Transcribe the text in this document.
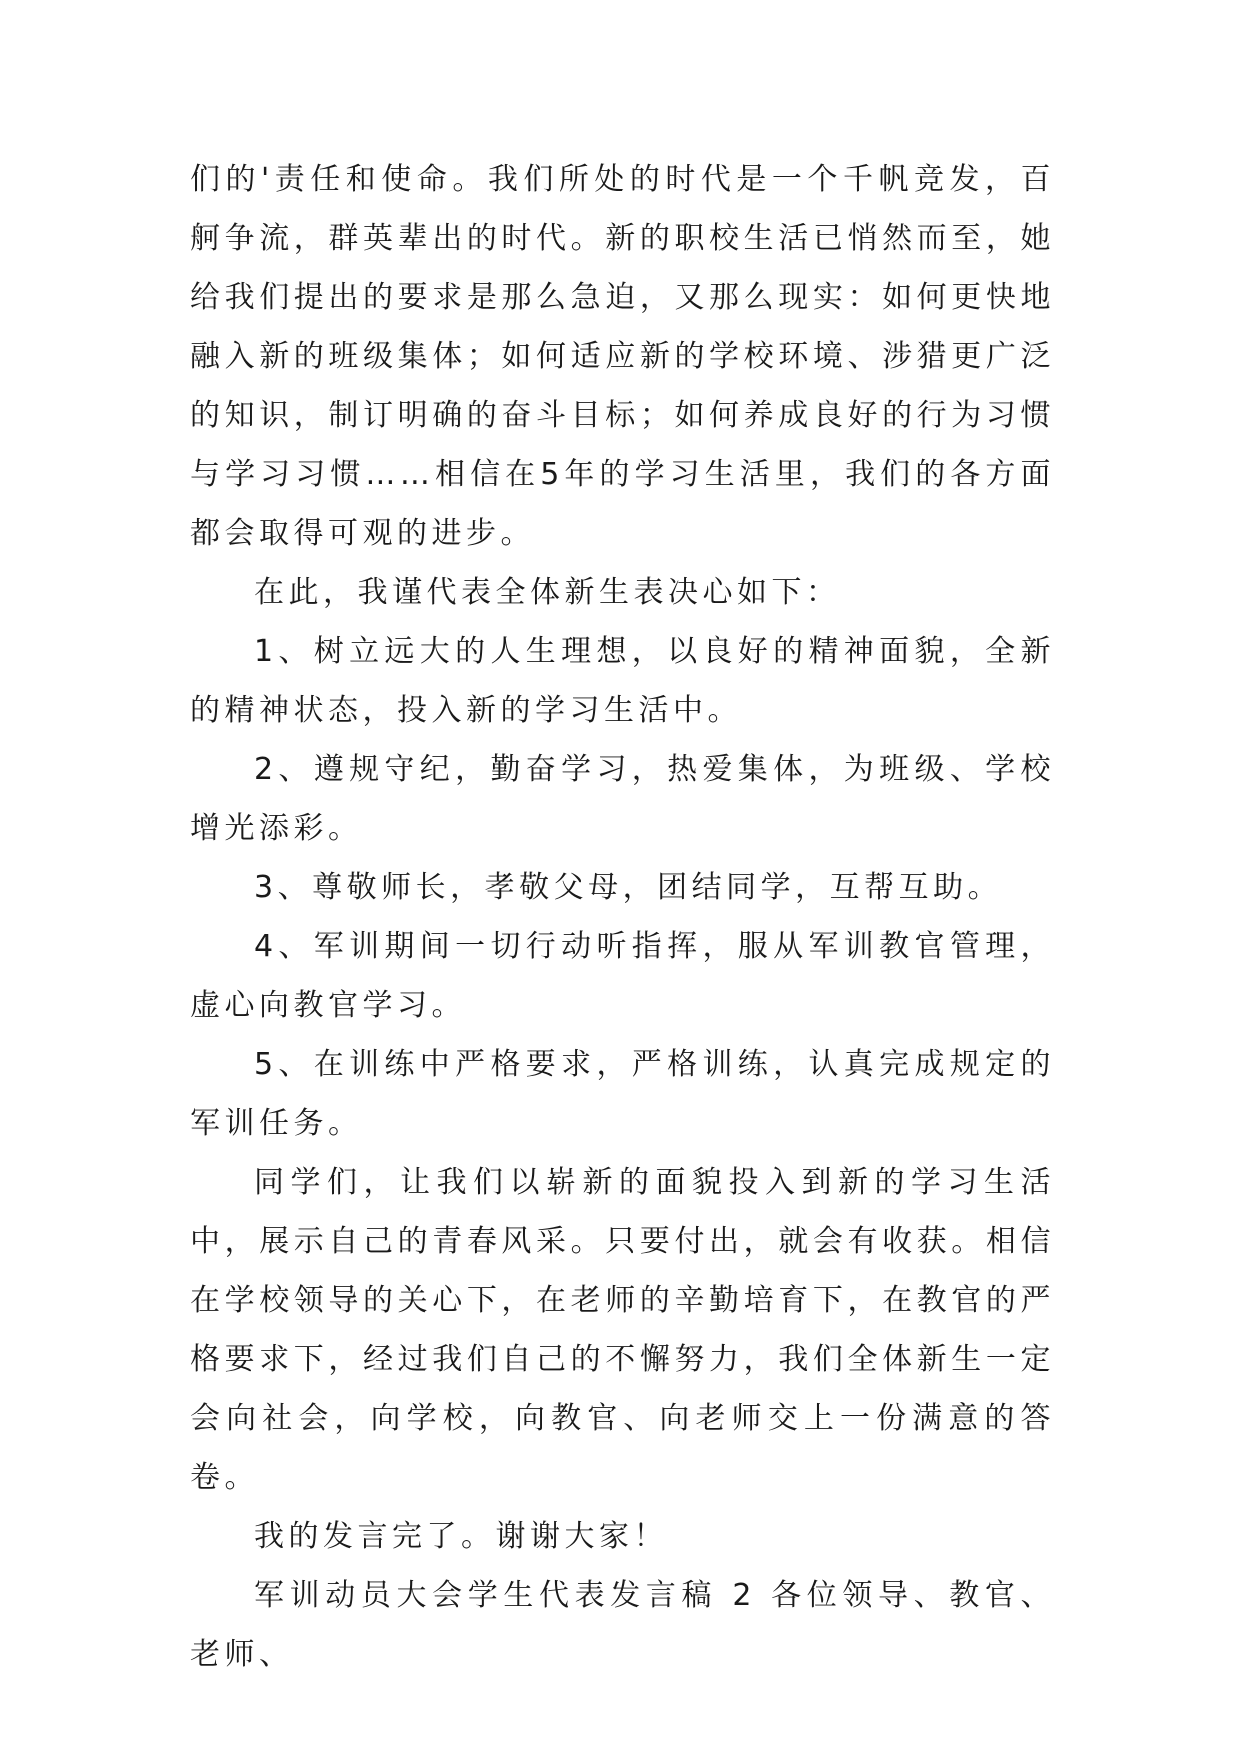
们的'责任和使命。我们所处的时代是一个千帆竞发，百舸争流，群英辈出的时代。新的职校生活已悄然而至，她给我们提出的要求是那么急迫，又那么现实：如何更快地融入新的班级集体；如何适应新的学校环境、涉猎更广泛的知识，制订明确的奋斗目标；如何养成良好的行为习惯与学习习惯……相信在5年的学习生活里，我们的各方面都会取得可观的进步。

在此，我谨代表全体新生表决心如下：

1、树立远大的人生理想，以良好的精神面貌，全新的精神状态，投入新的学习生活中。

2、遵规守纪，勤奋学习，热爱集体，为班级、学校增光添彩。

3、尊敬师长，孝敬父母，团结同学，互帮互助。

4、军训期间一切行动听指挥，服从军训教官管理，虚心向教官学习。

5、在训练中严格要求，严格训练，认真完成规定的军训任务。

同学们，让我们以崭新的面貌投入到新的学习生活中，展示自己的青春风采。只要付出，就会有收获。相信在学校领导的关心下，在老师的辛勤培育下，在教官的严格要求下，经过我们自己的不懈努力，我们全体新生一定会向社会，向学校，向教官、向老师交上一份满意的答卷。

我的发言完了。谢谢大家！

军训动员大会学生代表发言稿 2 各位领导、教官、老师、
